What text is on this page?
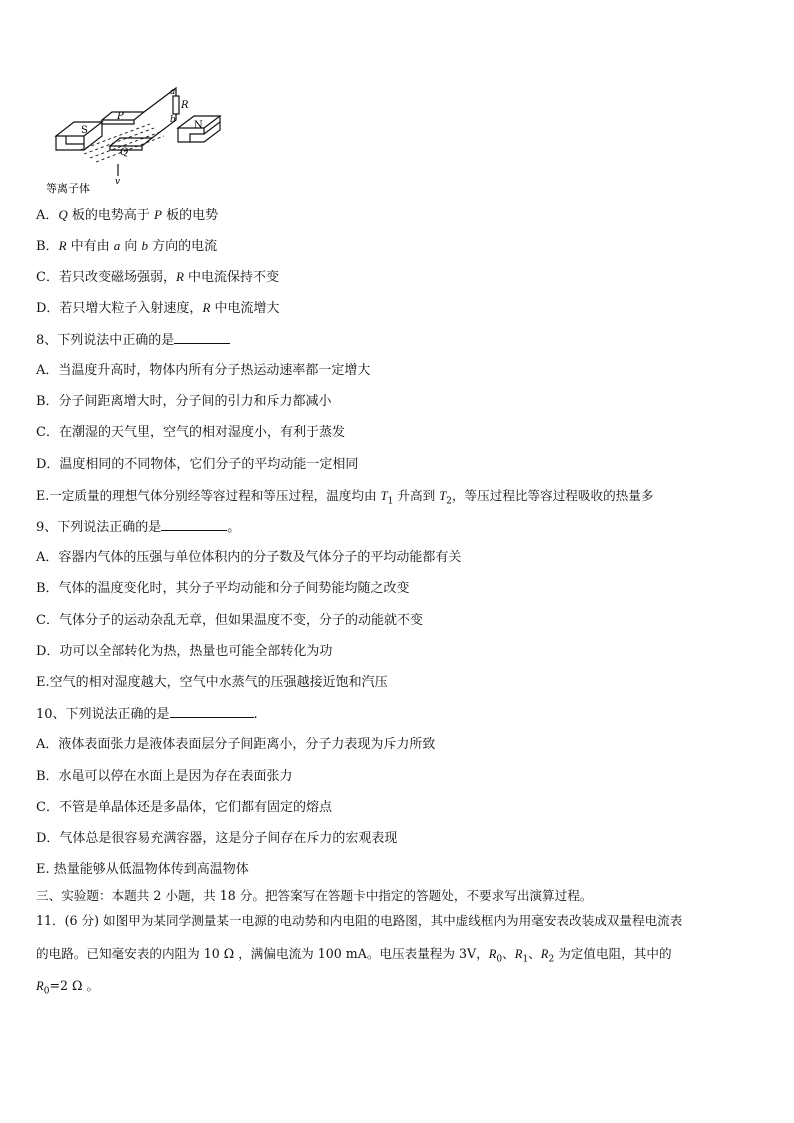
S
P
Q
N
a
R
b
v
等离子体
A．Q 板的电势高于 P 板的电势
B．R 中有由 a 向 b 方向的电流
C．若只改变磁场强弱，R 中电流保持不变
D．若只增大粒子入射速度，R 中电流增大
8、下列说法中正确的是
A．当温度升高时，物体内所有分子热运动速率都一定增大
B．分子间距离增大时，分子间的引力和斥力都减小
C．在潮湿的天气里，空气的相对湿度小，有利于蒸发
D．温度相同的不同物体，它们分子的平均动能一定相同
E.一定质量的理想气体分别经等容过程和等压过程，温度均由 $T_1$ 升高到 $T_2$，等压过程比等容过程吸收的热量多
9、下列说法正确的是	。
A．容器内气体的压强与单位体积内的分子数及气体分子的平均动能都有关
B．气体的温度变化时，其分子平均动能和分子间势能均随之改变
C．气体分子的运动杂乱无章，但如果温度不变，分子的动能就不变
D．功可以全部转化为热，热量也可能全部转化为功
E.空气的相对湿度越大，空气中水蒸气的压强越接近饱和汽压
10、下列说法正确的是	.
A．液体表面张力是液体表面层分子间距离小，分子力表现为斥力所致
B．水黾可以停在水面上是因为存在表面张力
C．不管是单晶体还是多晶体，它们都有固定的熔点
D．气体总是很容易充满容器，这是分子间存在斥力的宏观表现
E. 热量能够从低温物体传到高温物体
三、实验题：本题共 2 小题，共 18 分。把答案写在答题卡中指定的答题处，不要求写出演算过程。
11．(6 分) 如图甲为某同学测量某一电源的电动势和内电阻的电路图，其中虚线框内为用毫安表改装成双量程电流表
的电路。已知毫安表的内阻为 10 Ω ，满偏电流为 100 mA。电压表量程为 3V，$R_0$、$R_1$、$R_2$ 为定值电阻，其中的
$R_0=2$ Ω 。
